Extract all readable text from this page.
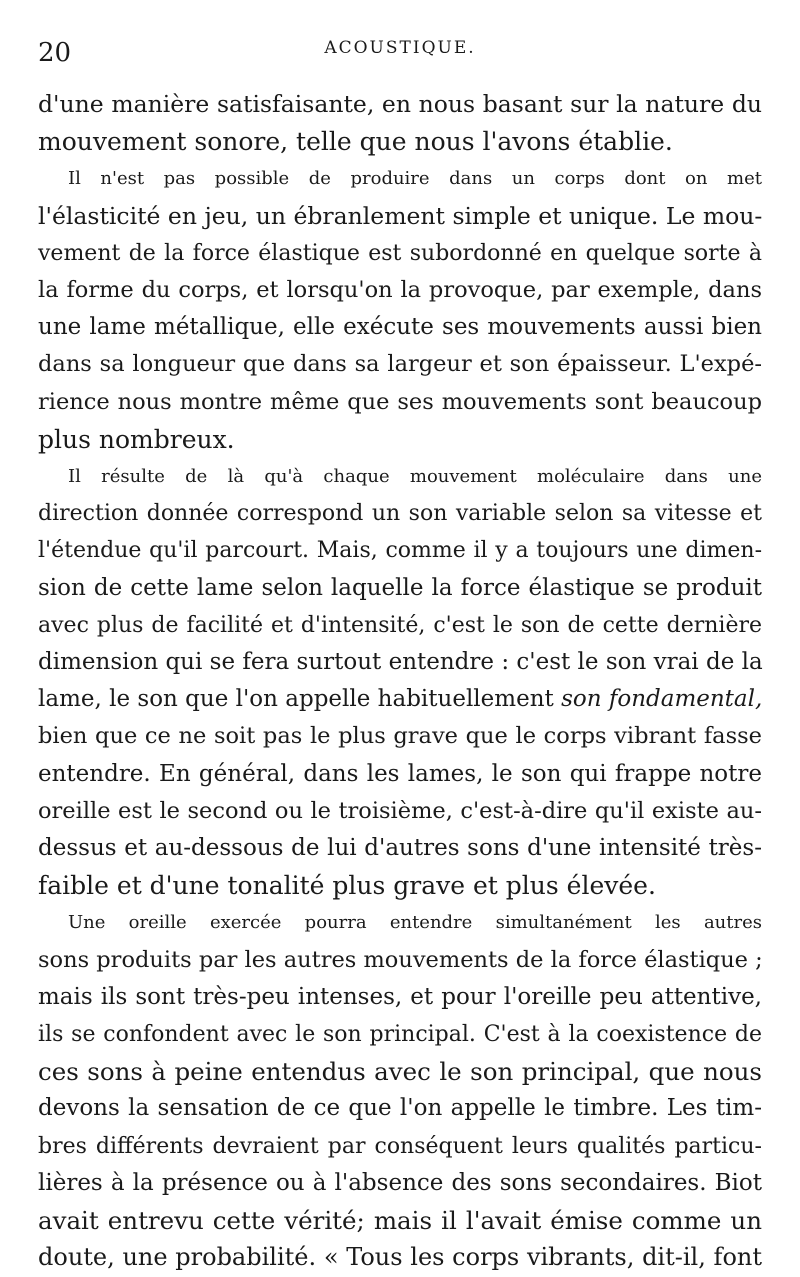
20	ACOUSTIQUE.

d'une manière satisfaisante, en nous basant sur la nature du
mouvement sonore, telle que nous l'avons établie.

Il n'est pas possible de produire dans un corps dont on met
l'élasticité en jeu, un ébranlement simple et unique. Le mou-
vement de la force élastique est subordonné en quelque sorte à
la forme du corps, et lorsqu'on la provoque, par exemple, dans
une lame métallique, elle exécute ses mouvements aussi bien
dans sa longueur que dans sa largeur et son épaisseur. L'expé-
rience nous montre même que ses mouvements sont beaucoup
plus nombreux.

Il résulte de là qu'à chaque mouvement moléculaire dans une
direction donnée correspond un son variable selon sa vitesse et
l'étendue qu'il parcourt. Mais, comme il y a toujours une dimen-
sion de cette lame selon laquelle la force élastique se produit
avec plus de facilité et d'intensité, c'est le son de cette dernière
dimension qui se fera surtout entendre : c'est le son vrai de la
lame, le son que l'on appelle habituellement son fondamental,
bien que ce ne soit pas le plus grave que le corps vibrant fasse
entendre. En général, dans les lames, le son qui frappe notre
oreille est le second ou le troisième, c'est-à-dire qu'il existe au-
dessus et au-dessous de lui d'autres sons d'une intensité très-
faible et d'une tonalité plus grave et plus élevée.

Une oreille exercée pourra entendre simultanément les autres
sons produits par les autres mouvements de la force élastique ;
mais ils sont très-peu intenses, et pour l'oreille peu attentive,
ils se confondent avec le son principal. C'est à la coexistence de
ces sons à peine entendus avec le son principal, que nous
devons la sensation de ce que l'on appelle le timbre. Les tim-
bres différents devraient par conséquent leurs qualités particu-
lières à la présence ou à l'absence des sons secondaires. Biot
avait entrevu cette vérité; mais il l'avait émise comme un
doute, une probabilité. « Tous les corps vibrants, dit-il, font
